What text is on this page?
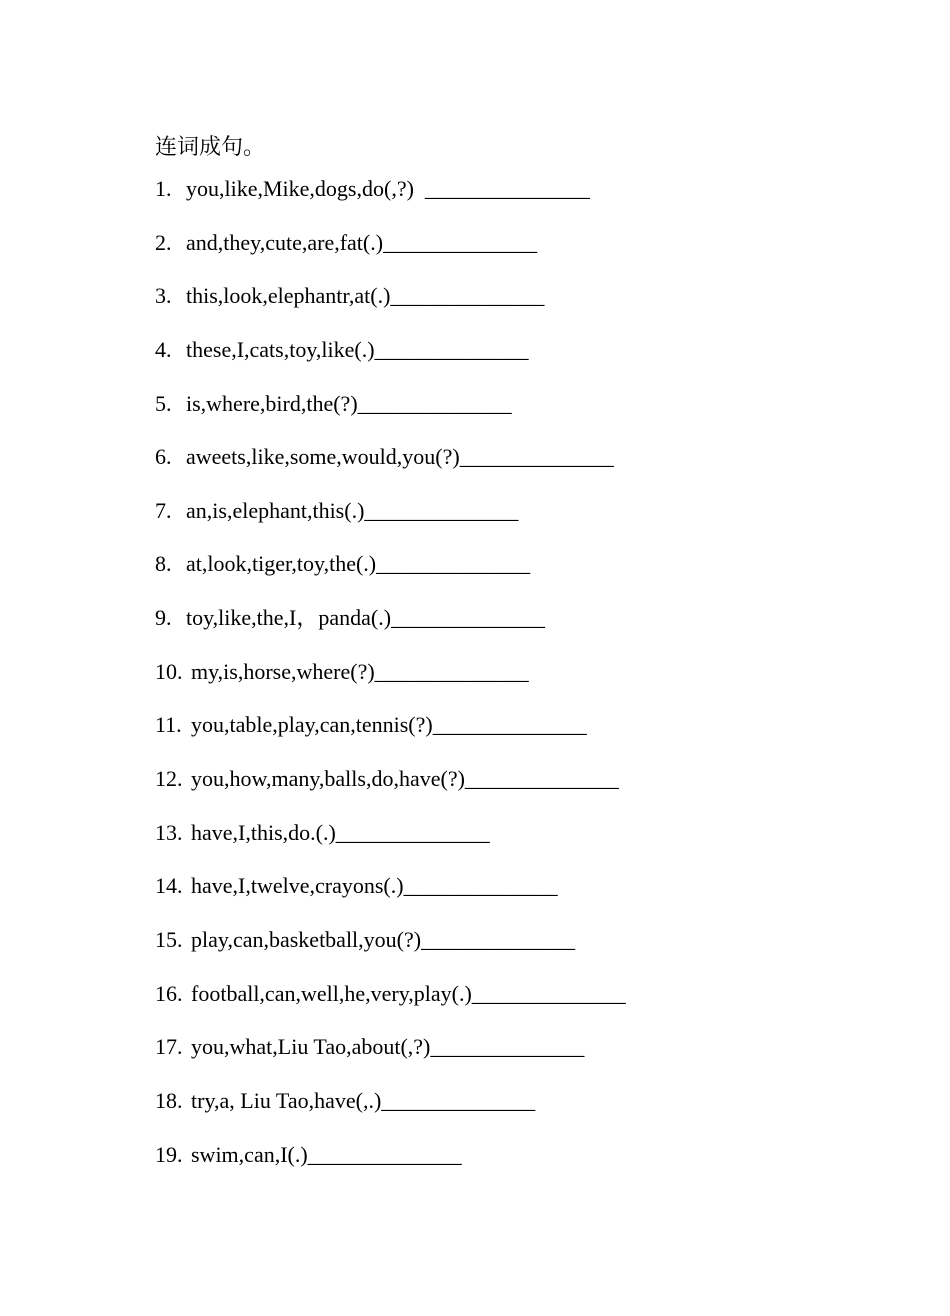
连词成句。
1. you,like,Mike,dogs,do(,?)  _______________
2. and,they,cute,are,fat(.)______________
3. this,look,elephantr,at(.)______________
4. these,I,cats,toy,like(.)______________
5. is,where,bird,the(?)______________
6. aweets,like,some,would,you(?)______________
7. an,is,elephant,this(.)______________
8. at,look,tiger,toy,the(.)______________
9. toy,like,the,I，panda(.)______________
10. my,is,horse,where(?)______________
11. you,table,play,can,tennis(?)______________
12. you,how,many,balls,do,have(?)______________
13. have,I,this,do.(.)______________
14. have,I,twelve,crayons(.)______________
15. play,can,basketball,you(?)______________
16. football,can,well,he,very,play(.)______________
17. you,what,Liu Tao,about(,?)______________
18. try,a, Liu Tao,have(,.)______________
19. swim,can,I(.)______________
